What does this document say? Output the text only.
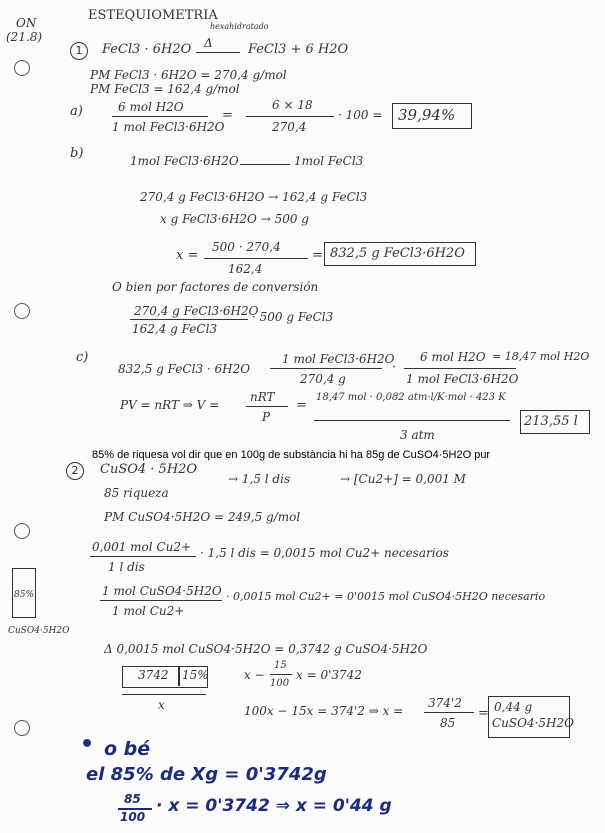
ON
(21.8)
85%
CuSO4·5H2O
ESTEQUIOMETRIA
hexahidratado
1	FeCl3 · 6H2O Δ	FeCl3 + 6 H2O
PM FeCl3 · 6H2O = 270,4 g/mol
PM FeCl3 = 162,4 g/mol
a)	6 mol H2O
1 mol FeCl3·6H2O
=
6 × 18
270,4
· 100 = 39,94%
b)	1mol FeCl3·6H2O	1mol FeCl3
270,4 g FeCl3·6H2O → 162,4 g FeCl3
x g FeCl3·6H2O → 500 g
x =
500 · 270,4
162,4
= 832,5 g FeCl3·6H2O
O bien por factores de conversión
270,4 g FeCl3·6H2O
162,4 g FeCl3
· 500 g FeCl3
c)
832,5 g FeCl3 · 6H2O
1 mol FeCl3·6H2O
270,4 g
·
6 mol H2O
1 mol FeCl3·6H2O
= 18,47 mol H2O
PV = nRT ⇒ V =
nRT
P
=
18,47 mol · 0,082 atm·l/K·mol · 423 K
3 atm
213,55 l
85% de riquesa vol dir que en 100g de substància hi ha 85g de CuSO4·5H2O pur
2	CuSO4 · 5H2O
85 riqueza
→ 1,5 l dis	→ [Cu2+] = 0,001 M
PM CuSO4·5H2O = 249,5 g/mol
0,001 mol Cu2+
1 l dis
· 1,5 l dis = 0,0015 mol Cu2+ necesarios
1 mol CuSO4·5H2O
1 mol Cu2+
· 0,0015 mol Cu2+ = 0'0015 mol CuSO4·5H2O necesario
Δ 0,0015 mol CuSO4·5H2O = 0,3742 g CuSO4·5H2O
3742 15%
x
x −
15
100
x = 0'3742
100x − 15x = 374'2 ⇒ x =
374'2
85
= 0,44 g
CuSO4·5H2O
• o bé
el 85% de Xg = 0'3742g
85
100
· x = 0'3742 ⇒ x = 0'44 g
